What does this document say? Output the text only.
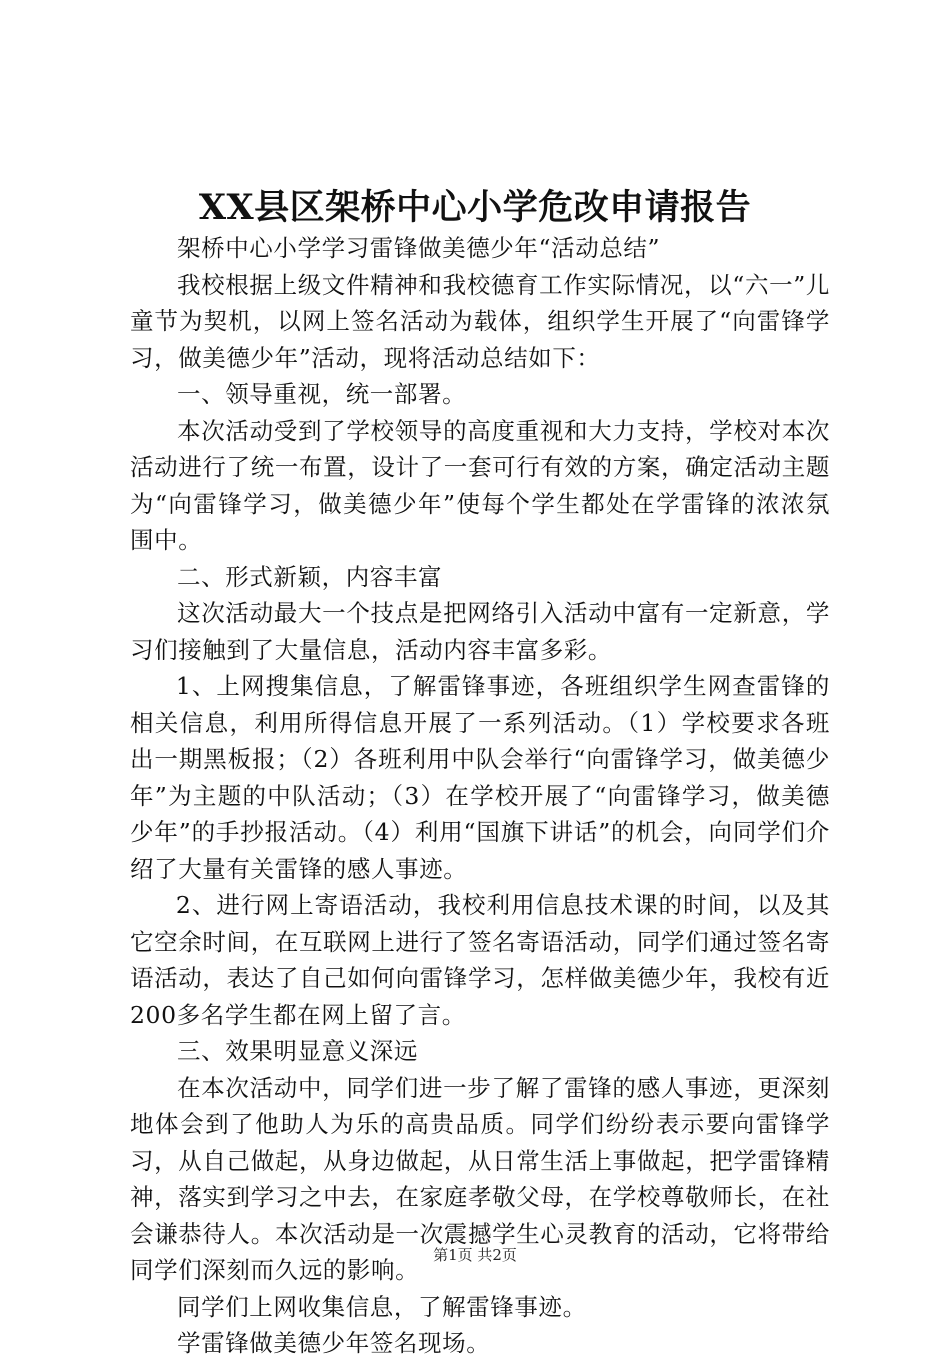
XX县区架桥中心小学危改申请报告

架桥中心小学学习雷锋做美德少年“活动总结”

我校根据上级文件精神和我校德育工作实际情况，以“六一”儿童节为契机，以网上签名活动为载体，组织学生开展了“向雷锋学习，做美德少年”活动，现将活动总结如下：

一、领导重视，统一部署。

本次活动受到了学校领导的高度重视和大力支持，学校对本次活动进行了统一布置，设计了一套可行有效的方案，确定活动主题为“向雷锋学习，做美德少年”使每个学生都处在学雷锋的浓浓氛围中。

二、形式新颖，内容丰富

这次活动最大一个技点是把网络引入活动中富有一定新意，学习们接触到了大量信息，活动内容丰富多彩。

1、上网搜集信息，了解雷锋事迹，各班组织学生网查雷锋的相关信息，利用所得信息开展了一系列活动。（1）学校要求各班出一期黑板报；（2）各班利用中队会举行“向雷锋学习，做美德少年”为主题的中队活动；（3）在学校开展了“向雷锋学习，做美德少年”的手抄报活动。（4）利用“国旗下讲话”的机会，向同学们介绍了大量有关雷锋的感人事迹。

2、进行网上寄语活动，我校利用信息技术课的时间，以及其它空余时间，在互联网上进行了签名寄语活动，同学们通过签名寄语活动，表达了自己如何向雷锋学习，怎样做美德少年，我校有近200多名学生都在网上留了言。

三、效果明显意义深远

在本次活动中，同学们进一步了解了雷锋的感人事迹，更深刻地体会到了他助人为乐的高贵品质。同学们纷纷表示要向雷锋学习，从自己做起，从身边做起，从日常生活上事做起，把学雷锋精神，落实到学习之中去，在家庭孝敬父母，在学校尊敬师长，在社会谦恭待人。本次活动是一次震撼学生心灵教育的活动，它将带给同学们深刻而久远的影响。

同学们上网收集信息，了解雷锋事迹。

学雷锋做美德少年签名现场。

第1页 共2页
